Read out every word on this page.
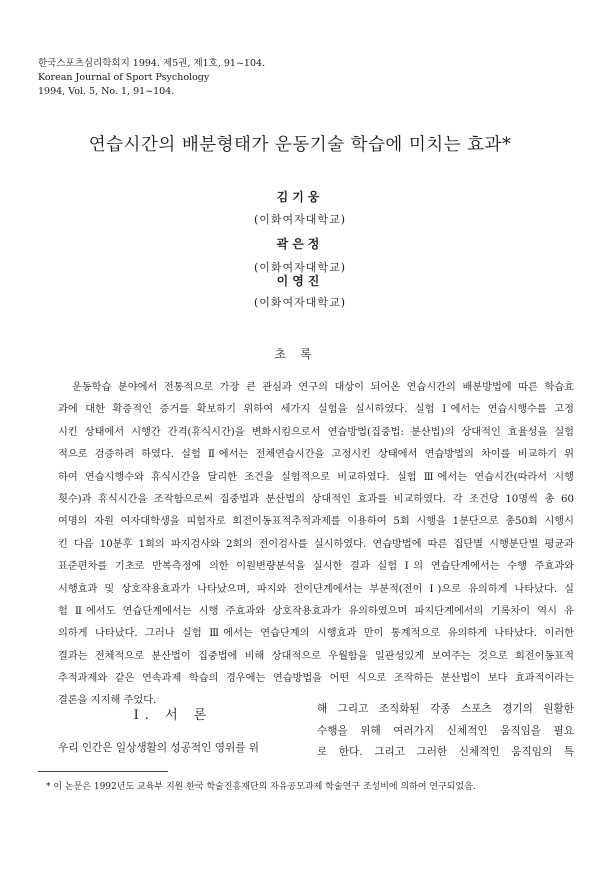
한국스포츠심리학회지 1994. 제5권, 제1호, 91~104.
Korean Journal of Sport Psychology
1994, Vol. 5, No. 1, 91~104.
연습시간의 배분형태가 운동기술 학습에 미치는 효과*
김기웅
(이화여자대학교)
곽은정
(이화여자대학교)
이영진
(이화여자대학교)
초록
운동학습 분야에서 전통적으로 가장 큰 관심과 연구의 대상이 되어온 연습시간의 배분방법에 따른 학습효
과에 대한 확증적인 증거를 확보하기 위하여 세가지 실험을 실시하였다. 실험 Ⅰ에서는 연습시행수를 고정
시킨 상태에서 시행간 간격(휴식시간)을 변화시킴으로서 연습방법(집중법: 분산법)의 상대적인 효율성을 실험
적으로 검증하려 하였다. 실험 Ⅱ에서는 전체연습시간을 고정시킨 상태에서 연습방법의 차이를 비교하기 위
하여 연습시행수와 휴식시간을 달리한 조건을 실험적으로 비교하였다. 실험 Ⅲ에서는 연습시간(따라서 시행
횟수)과 휴식시간을 조작함으로써 집중법과 분산법의 상대적인 효과를 비교하였다. 각 조건당 10명씩 총 60
여명의 자원 여자대학생을 피험자로 회전이동표적추적과제를 이용하여 5회 시행을 1분단으로 총50회 시행시
킨 다음 10분후 1회의 파지검사와 2회의 전이검사를 실시하였다. 연습방법에 따른 집단별 시행분단별 평균과
표준편차를 기초로 반복측정에 의한 이원변량분석을 실시한 결과 실험 Ⅰ의 연습단계에서는 수행 주효과와
시행효과 및 상호작용효과가 나타났으며, 파지와 전이단계에서는 부분적(전이 Ⅰ)으로 유의하게 나타났다. 실
험 Ⅱ에서도 연습단계에서는 시행 주효과와 상호작용효과가 유의하였으며 파지단계에서의 기록차이 역시 유
의하게 나타났다. 그러나 실험 Ⅲ에서는 연습단계의 시행효과 만이 통계적으로 유의하게 나타났다. 이러한
결과는 전체적으로 분산법이 집중법에 비해 상대적으로 우월함을 일관성있게 보여주는 것으로 회전이동표적
추적과제와 같은 연속과제 학습의 경우에는 연습방법을 어떤 식으로 조작하든 분산법이 보다 효과적이라는
결론을 지지해 주었다.
Ⅰ. 서 론
우리 인간은 일상생활의 성공적인 영위를 위
해 그리고 조직화된 각종 스포츠 경기의 원활한
수행을 위해 여러가지 신체적인 움직임을 필요
로 한다. 그리고 그러한 신체적인 움직임의 특
* 이 논문은 1992년도 교육부 지원 한국 학술진흥재단의 자유공모과제 학술연구 조성비에 의하여 연구되었음.
